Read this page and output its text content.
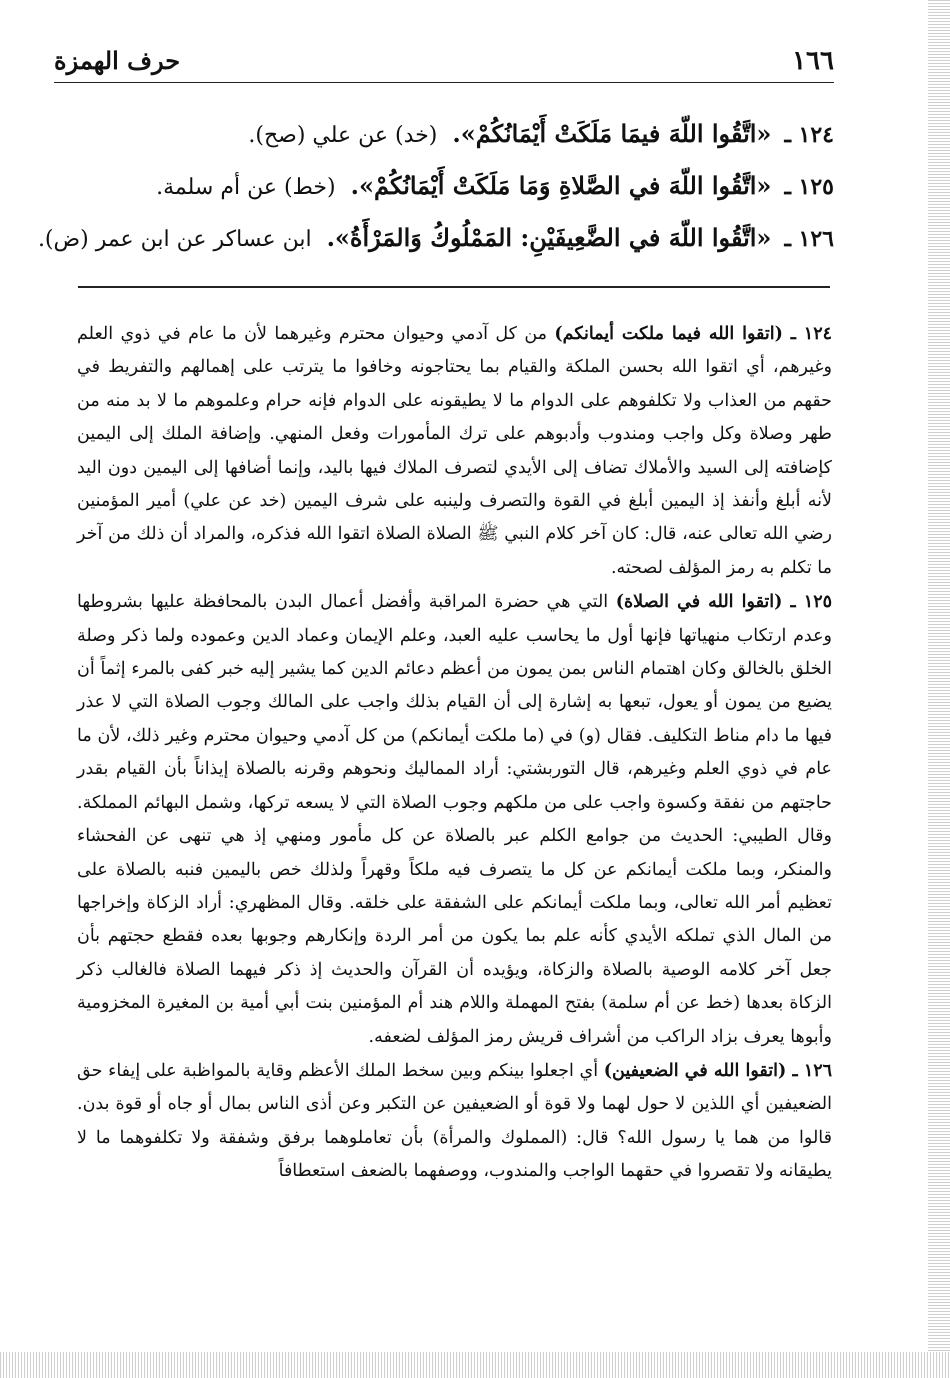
١٦٦
حرف الهمزة
١٢٤ ـ «اتَّقُوا اللّهَ فيمَا مَلَكَتْ أَيْمَانُكُمْ». (خد) عن علي (صح).
١٢٥ ـ «اتَّقُوا اللّهَ في الصَّلاةِ وَمَا مَلَكَتْ أَيْمَانُكُمْ». (خط) عن أم سلمة.
١٢٦ ـ «اتَّقُوا اللّهَ في الضَّعِيفَيْنِ: المَمْلُوكُ وَالمَرْأَةُ». ابن عساكر عن ابن عمر (ض).

١٢٤ ـ (اتقوا الله فيما ملكت أيمانكم) من كل آدمي وحيوان محترم وغيرهما لأن ما عام في ذوي العلم وغيرهم، أي اتقوا الله بحسن الملكة والقيام بما يحتاجونه وخافوا ما يترتب على إهمالهم والتفريط في حقهم من العذاب ولا تكلفوهم على الدوام ما لا يطيقونه على الدوام فإنه حرام وعلموهم ما لا بد منه من طهر وصلاة وكل واجب ومندوب وأدبوهم على ترك المأمورات وفعل المنهي. وإضافة الملك إلى اليمين كإضافته إلى السيد والأملاك تضاف إلى الأيدي لتصرف الملاك فيها باليد، وإنما أضافها إلى اليمين دون اليد لأنه أبلغ وأنفذ إذ اليمين أبلغ في القوة والتصرف ولينبه على شرف اليمين (خد عن علي) أمير المؤمنين رضي الله تعالى عنه، قال: كان آخر كلام النبي ﷺ الصلاة الصلاة اتقوا الله فذكره، والمراد أن ذلك من آخر ما تكلم به رمز المؤلف لصحته.

١٢٥ ـ (اتقوا الله في الصلاة) التي هي حضرة المراقبة وأفضل أعمال البدن بالمحافظة عليها بشروطها وعدم ارتكاب منهياتها فإنها أول ما يحاسب عليه العبد، وعلم الإيمان وعماد الدين وعموده ولما ذكر وصلة الخلق بالخالق وكان اهتمام الناس بمن يمون من أعظم دعائم الدين كما يشير إليه خبر كفى بالمرء إثماً أن يضيع من يمون أو يعول، تبعها به إشارة إلى أن القيام بذلك واجب على المالك وجوب الصلاة التي لا عذر فيها ما دام مناط التكليف. فقال (و) في (ما ملكت أيمانكم) من كل آدمي وحيوان محترم وغير ذلك، لأن ما عام في ذوي العلم وغيرهم، قال التوربشتي: أراد المماليك ونحوهم وقرنه بالصلاة إيذاناً بأن القيام بقدر حاجتهم من نفقة وكسوة واجب على من ملكهم وجوب الصلاة التي لا يسعه تركها، وشمل البهائم المملكة. وقال الطيبي: الحديث من جوامع الكلم عبر بالصلاة عن كل مأمور ومنهي إذ هي تنهى عن الفحشاء والمنكر، وبما ملكت أيمانكم عن كل ما يتصرف فيه ملكاً وقهراً ولذلك خص باليمين فنبه بالصلاة على تعظيم أمر الله تعالى، وبما ملكت أيمانكم على الشفقة على خلقه. وقال المظهري: أراد الزكاة وإخراجها من المال الذي تملكه الأيدي كأنه علم بما يكون من أمر الردة وإنكارهم وجوبها بعده فقطع حجتهم بأن جعل آخر كلامه الوصية بالصلاة والزكاة، ويؤيده أن القرآن والحديث إذ ذكر فيهما الصلاة فالغالب ذكر الزكاة بعدها (خط عن أم سلمة) بفتح المهملة واللام هند أم المؤمنين بنت أبي أمية بن المغيرة المخزومية وأبوها يعرف بزاد الراكب من أشراف قريش رمز المؤلف لضعفه.

١٢٦ ـ (اتقوا الله في الضعيفين) أي اجعلوا بينكم وبين سخط الملك الأعظم وقاية بالمواظبة على إيفاء حق الضعيفين أي اللذين لا حول لهما ولا قوة أو الضعيفين عن التكبر وعن أذى الناس بمال أو جاه أو قوة بدن. قالوا من هما يا رسول الله؟ قال: (المملوك والمرأة) بأن تعاملوهما برفق وشفقة ولا تكلفوهما ما لا يطيقانه ولا تقصروا في حقهما الواجب والمندوب، ووصفهما بالضعف استعطافاً
